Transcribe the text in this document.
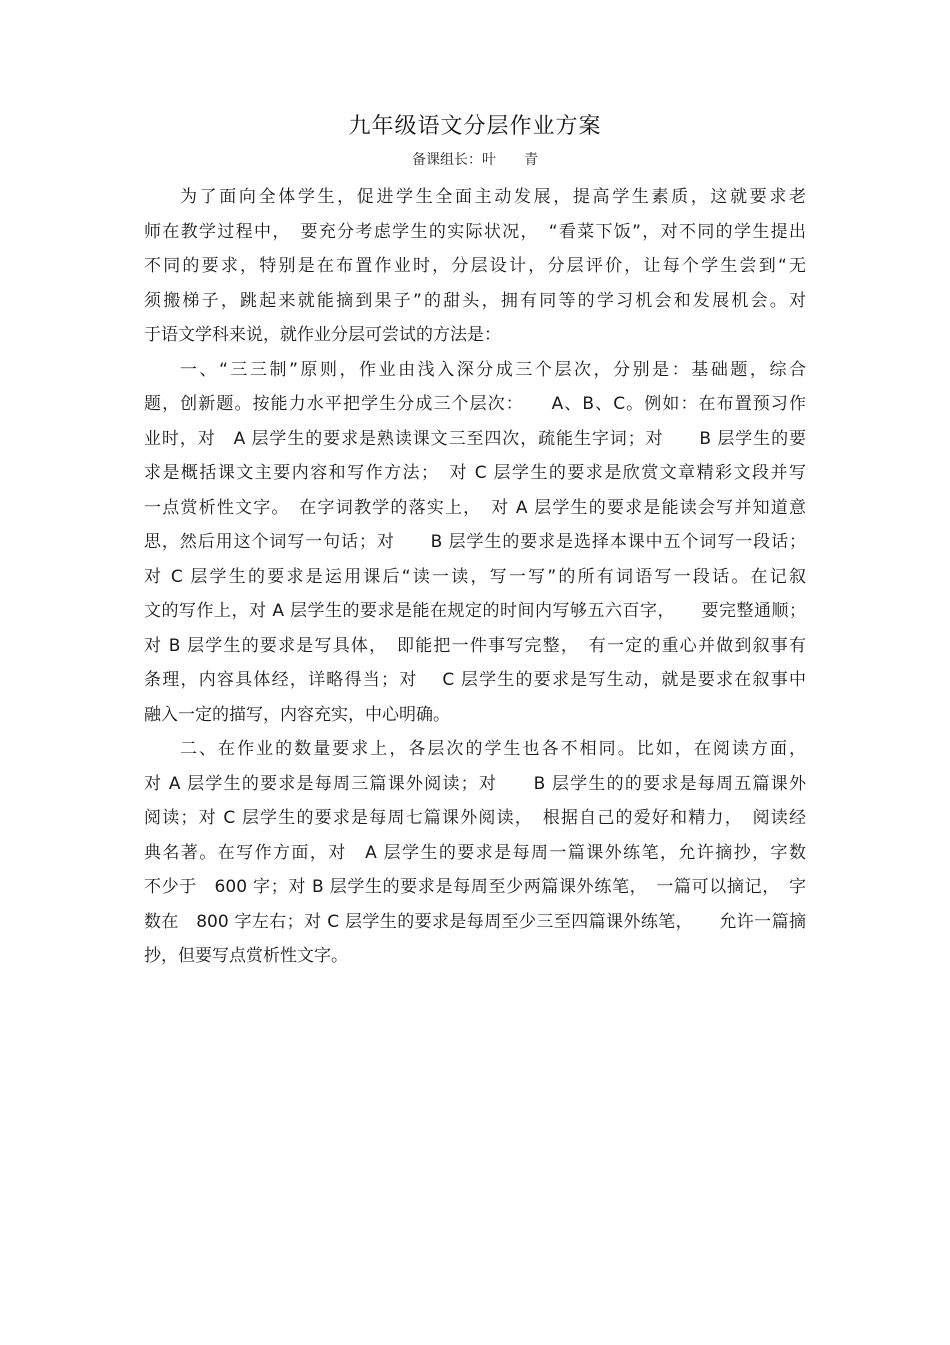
九年级语文分层作业方案
备课组长：叶　　青
为了面向全体学生，促进学生全面主动发展，提高学生素质，这就要求老
师在教学过程中，　要充分考虑学生的实际状况，　“看菜下饭”，对不同的学生提出
不同的要求，特别是在布置作业时，分层设计，分层评价，让每个学生尝到“无
须搬梯子，跳起来就能摘到果子”的甜头，拥有同等的学习机会和发展机会。对
于语文学科来说，就作业分层可尝试的方法是：
一、“三三制”原则，作业由浅入深分成三个层次，分别是：基础题，综合
题，创新题。按能力水平把学生分成三个层次：　　A、B、C。例如：在布置预习作
业时，对　A 层学生的要求是熟读课文三至四次，疏能生字词；对　　B 层学生的要
求是概括课文主要内容和写作方法；　对 C 层学生的要求是欣赏文章精彩文段并写
一点赏析性文字。　在字词教学的落实上，　对 A 层学生的要求是能读会写并知道意
思，然后用这个词写一句话；对　　B 层学生的要求是选择本课中五个词写一段话；
对 C 层学生的要求是运用课后“读一读，写一写”的所有词语写一段话。在记叙
文的写作上，对 A 层学生的要求是能在规定的时间内写够五六百字，　　要完整通顺；
对 B 层学生的要求是写具体，　即能把一件事写完整，　有一定的重心并做到叙事有
条理，内容具体经，详略得当；对　 C 层学生的要求是写生动，就是要求在叙事中
融入一定的描写，内容充实，中心明确。
二、在作业的数量要求上，各层次的学生也各不相同。比如，在阅读方面，
对 A 层学生的要求是每周三篇课外阅读；对　　B 层学生的的要求是每周五篇课外
阅读；对 C 层学生的要求是每周七篇课外阅读，　根据自己的爱好和精力，　阅读经
典名著。在写作方面，对　A 层学生的要求是每周一篇课外练笔，允许摘抄，字数
不少于　600 字；对 B 层学生的要求是每周至少两篇课外练笔，　一篇可以摘记，　字
数在　800 字左右；对 C 层学生的要求是每周至少三至四篇课外练笔，　　允许一篇摘
抄，但要写点赏析性文字。
